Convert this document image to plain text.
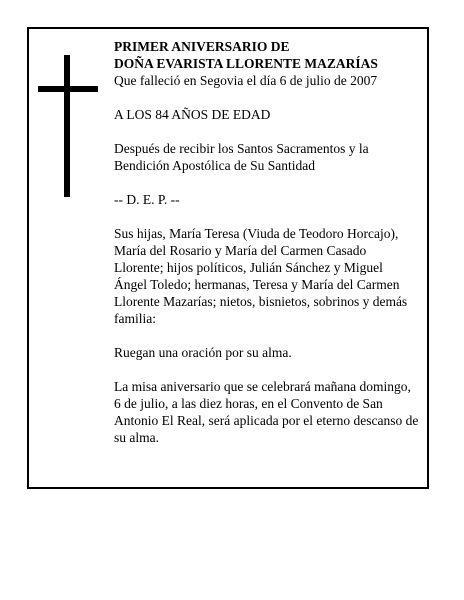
PRIMER ANIVERSARIO DE

DOÑA EVARISTA LLORENTE MAZARÍAS

Que falleció en Segovia el día 6 de julio de 2007

A LOS 84 AÑOS DE EDAD

Después de recibir los Santos Sacramentos y la Bendición Apostólica de Su Santidad

-- D. E. P. --

Sus hijas, María Teresa (Viuda de Teodoro Horcajo), María del Rosario y María del Carmen Casado Llorente; hijos políticos, Julián Sánchez y Miguel Ángel Toledo; hermanas, Teresa y María del Carmen Llorente Mazarías; nietos, bisnietos, sobrinos y demás familia:

Ruegan una oración por su alma.

La misa aniversario que se celebrará mañana domingo, 6 de julio, a las diez horas, en el Convento de San Antonio El Real, será aplicada por el eterno descanso de su alma.
